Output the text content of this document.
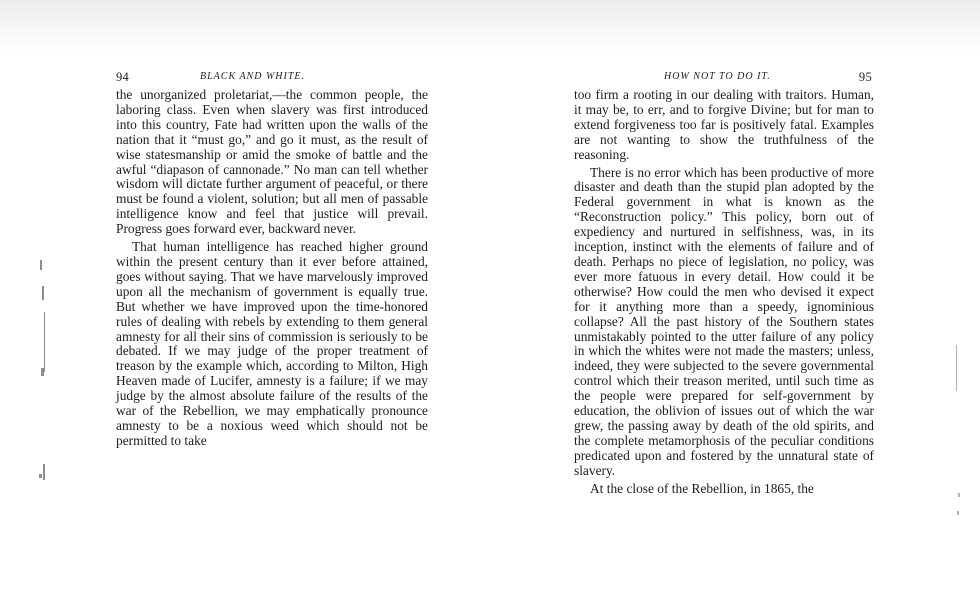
94	BLACK AND WHITE.

the unorganized proletariat,—the common people, the laboring class. Even when slavery was first introduced into this country, Fate had written upon the walls of the nation that it “must go,” and go it must, as the result of wise statesmanship or amid the smoke of battle and the awful “diapason of cannonade.” No man can tell whether wisdom will dictate further argument of peaceful, or there must be found a violent, solution; but all men of passable intelligence know and feel that justice will prevail. Progress goes forward ever, backward never.

That human intelligence has reached higher ground within the present century than it ever before attained, goes without saying. That we have marvelously improved upon all the mechanism of government is equally true. But whether we have improved upon the time-honored rules of dealing with rebels by extending to them general amnesty for all their sins of commission is seriously to be debated. If we may judge of the proper treatment of treason by the example which, according to Milton, High Heaven made of Lucifer, amnesty is a failure; if we may judge by the almost absolute failure of the results of the war of the Rebellion, we may emphatically pronounce amnesty to be a noxious weed which should not be permitted to take

HOW NOT TO DO IT.	95

too firm a rooting in our dealing with traitors. Human, it may be, to err, and to forgive Divine; but for man to extend forgiveness too far is positively fatal. Examples are not wanting to show the truthfulness of the reasoning.

There is no error which has been productive of more disaster and death than the stupid plan adopted by the Federal government in what is known as the “Reconstruction policy.” This policy, born out of expediency and nurtured in selfishness, was, in its inception, instinct with the elements of failure and of death. Perhaps no piece of legislation, no policy, was ever more fatuous in every detail. How could it be otherwise? How could the men who devised it expect for it anything more than a speedy, ignominious collapse? All the past history of the Southern states unmistakably pointed to the utter failure of any policy in which the whites were not made the masters; unless, indeed, they were subjected to the severe governmental control which their treason merited, until such time as the people were prepared for self-government by education, the oblivion of issues out of which the war grew, the passing away by death of the old spirits, and the complete metamorphosis of the peculiar conditions predicated upon and fostered by the unnatural state of slavery.

At the close of the Rebellion, in 1865, the
